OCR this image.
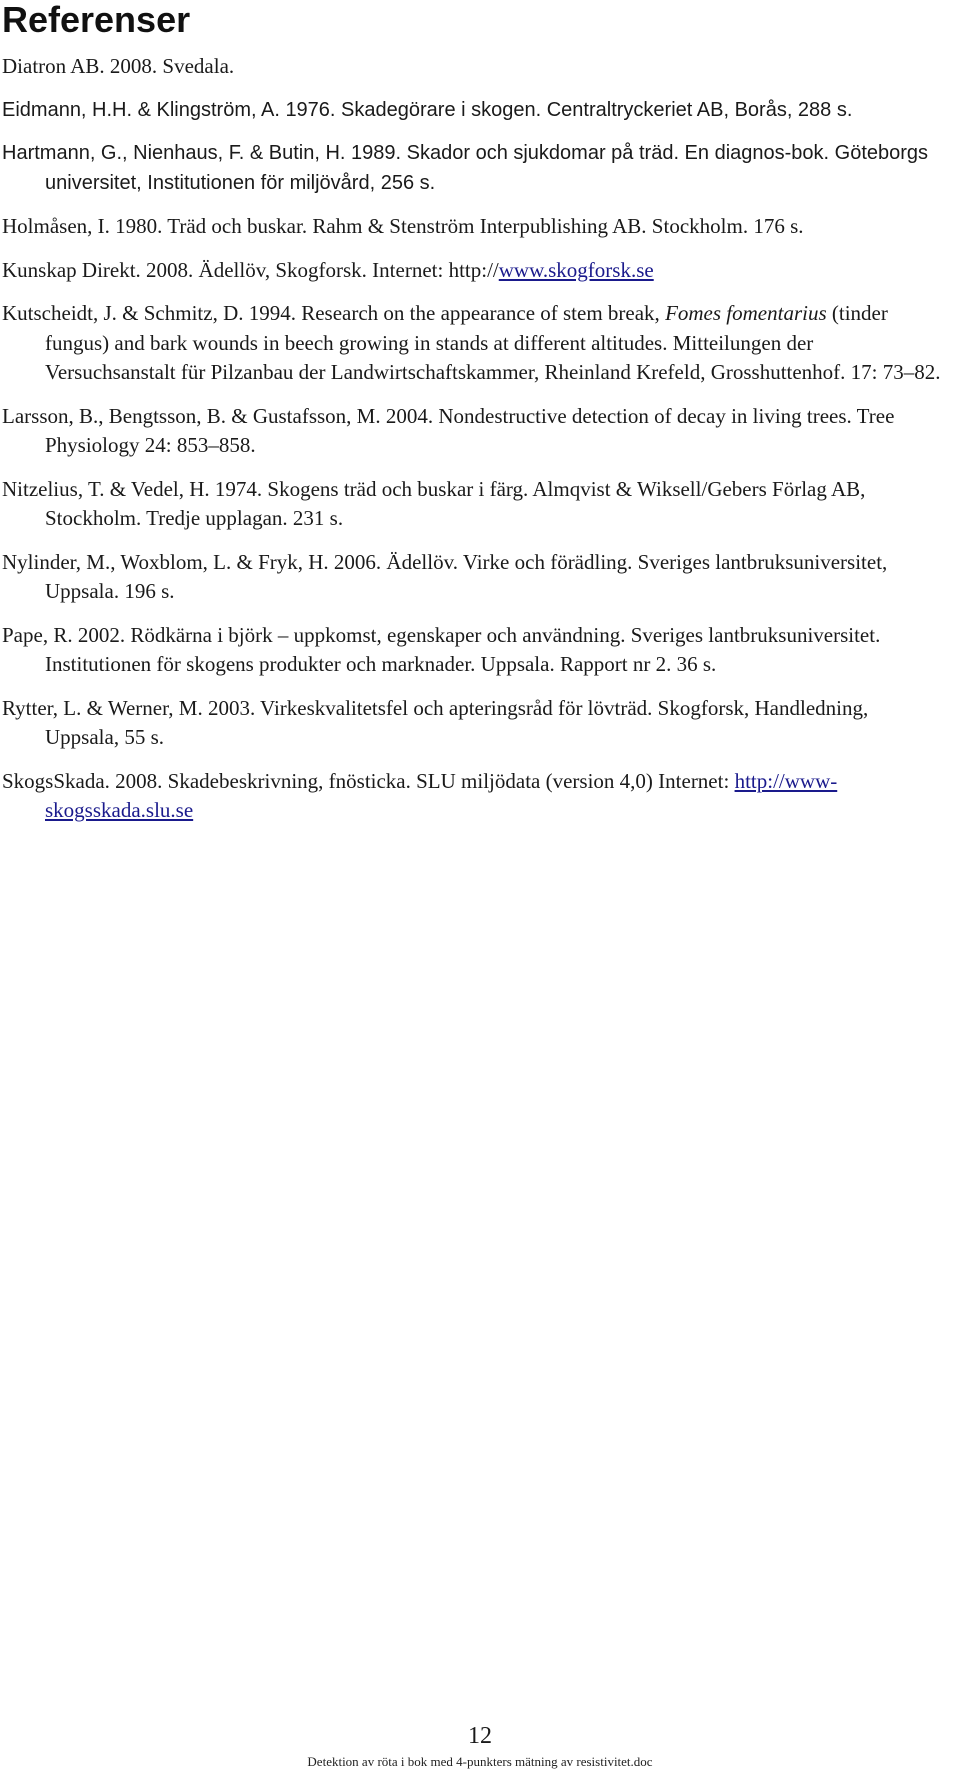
Referenser
Diatron AB. 2008. Svedala.
Eidmann, H.H. & Klingström, A. 1976. Skadegörare i skogen. Centraltryckeriet AB, Borås, 288 s.
Hartmann, G., Nienhaus, F. & Butin, H. 1989. Skador och sjukdomar på träd. En diagnos-bok. Göteborgs universitet, Institutionen för miljövård, 256 s.
Holmåsen, I. 1980. Träd och buskar. Rahm & Stenström Interpublishing AB. Stockholm. 176 s.
Kunskap Direkt. 2008. Ädellöv, Skogforsk. Internet: http://www.skogforsk.se
Kutscheidt, J. & Schmitz, D. 1994. Research on the appearance of stem break, Fomes fomentarius (tinder fungus) and bark wounds in beech growing in stands at different altitudes. Mitteilungen der Versuchsanstalt für Pilzanbau der Landwirtschaftskammer, Rheinland Krefeld, Grosshuttenhof. 17: 73–82.
Larsson, B., Bengtsson, B. & Gustafsson, M. 2004. Nondestructive detection of decay in living trees. Tree Physiology 24: 853–858.
Nitzelius, T. & Vedel, H. 1974. Skogens träd och buskar i färg. Almqvist & Wiksell/Gebers Förlag AB, Stockholm. Tredje upplagan. 231 s.
Nylinder, M., Woxblom, L. & Fryk, H. 2006. Ädellöv. Virke och förädling. Sveriges lantbruksuniversitet, Uppsala. 196 s.
Pape, R. 2002. Rödkärna i björk – uppkomst, egenskaper och användning. Sveriges lantbruksuniversitet. Institutionen för skogens produkter och marknader. Uppsala. Rapport nr 2. 36 s.
Rytter, L. & Werner, M. 2003. Virkeskvalitetsfel och apteringsråd för lövträd. Skogforsk, Handledning, Uppsala, 55 s.
SkogsSkada. 2008. Skadebeskrivning, fnösticka. SLU miljödata (version 4,0) Internet: http://www-skogsskada.slu.se
12
Detektion av röta i bok med 4-punkters mätning av resistivitet.doc
